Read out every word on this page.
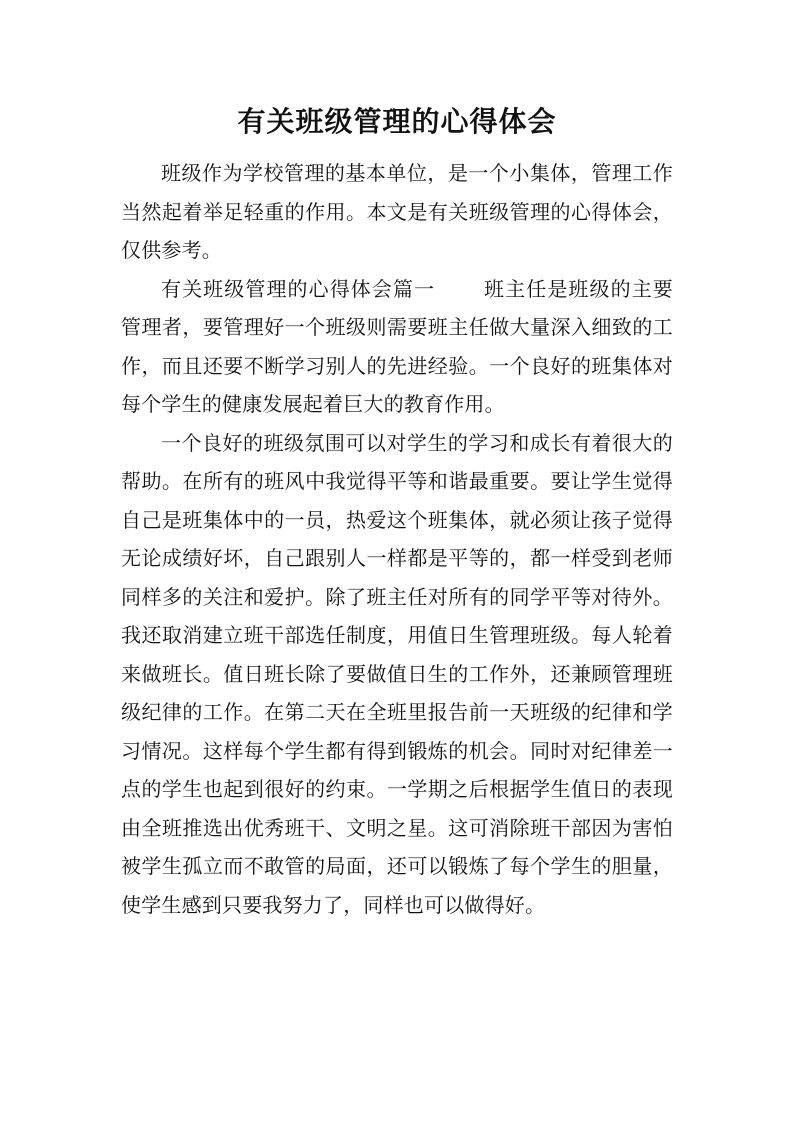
有关班级管理的心得体会

班级作为学校管理的基本单位，是一个小集体，管理工作当然起着举足轻重的作用。本文是有关班级管理的心得体会，仅供参考。

有关班级管理的心得体会篇一 班主任是班级的主要管理者，要管理好一个班级则需要班主任做大量深入细致的工作，而且还要不断学习别人的先进经验。一个良好的班集体对每个学生的健康发展起着巨大的教育作用。

一个良好的班级氛围可以对学生的学习和成长有着很大的帮助。在所有的班风中我觉得平等和谐最重要。要让学生觉得自己是班集体中的一员，热爱这个班集体，就必须让孩子觉得无论成绩好坏，自己跟别人一样都是平等的，都一样受到老师同样多的关注和爱护。除了班主任对所有的同学平等对待外。我还取消建立班干部选任制度，用值日生管理班级。每人轮着来做班长。值日班长除了要做值日生的工作外，还兼顾管理班级纪律的工作。在第二天在全班里报告前一天班级的纪律和学习情况。这样每个学生都有得到锻炼的机会。同时对纪律差一点的学生也起到很好的约束。一学期之后根据学生值日的表现由全班推选出优秀班干、文明之星。这可消除班干部因为害怕被学生孤立而不敢管的局面，还可以锻炼了每个学生的胆量，使学生感到只要我努力了，同样也可以做得好。
